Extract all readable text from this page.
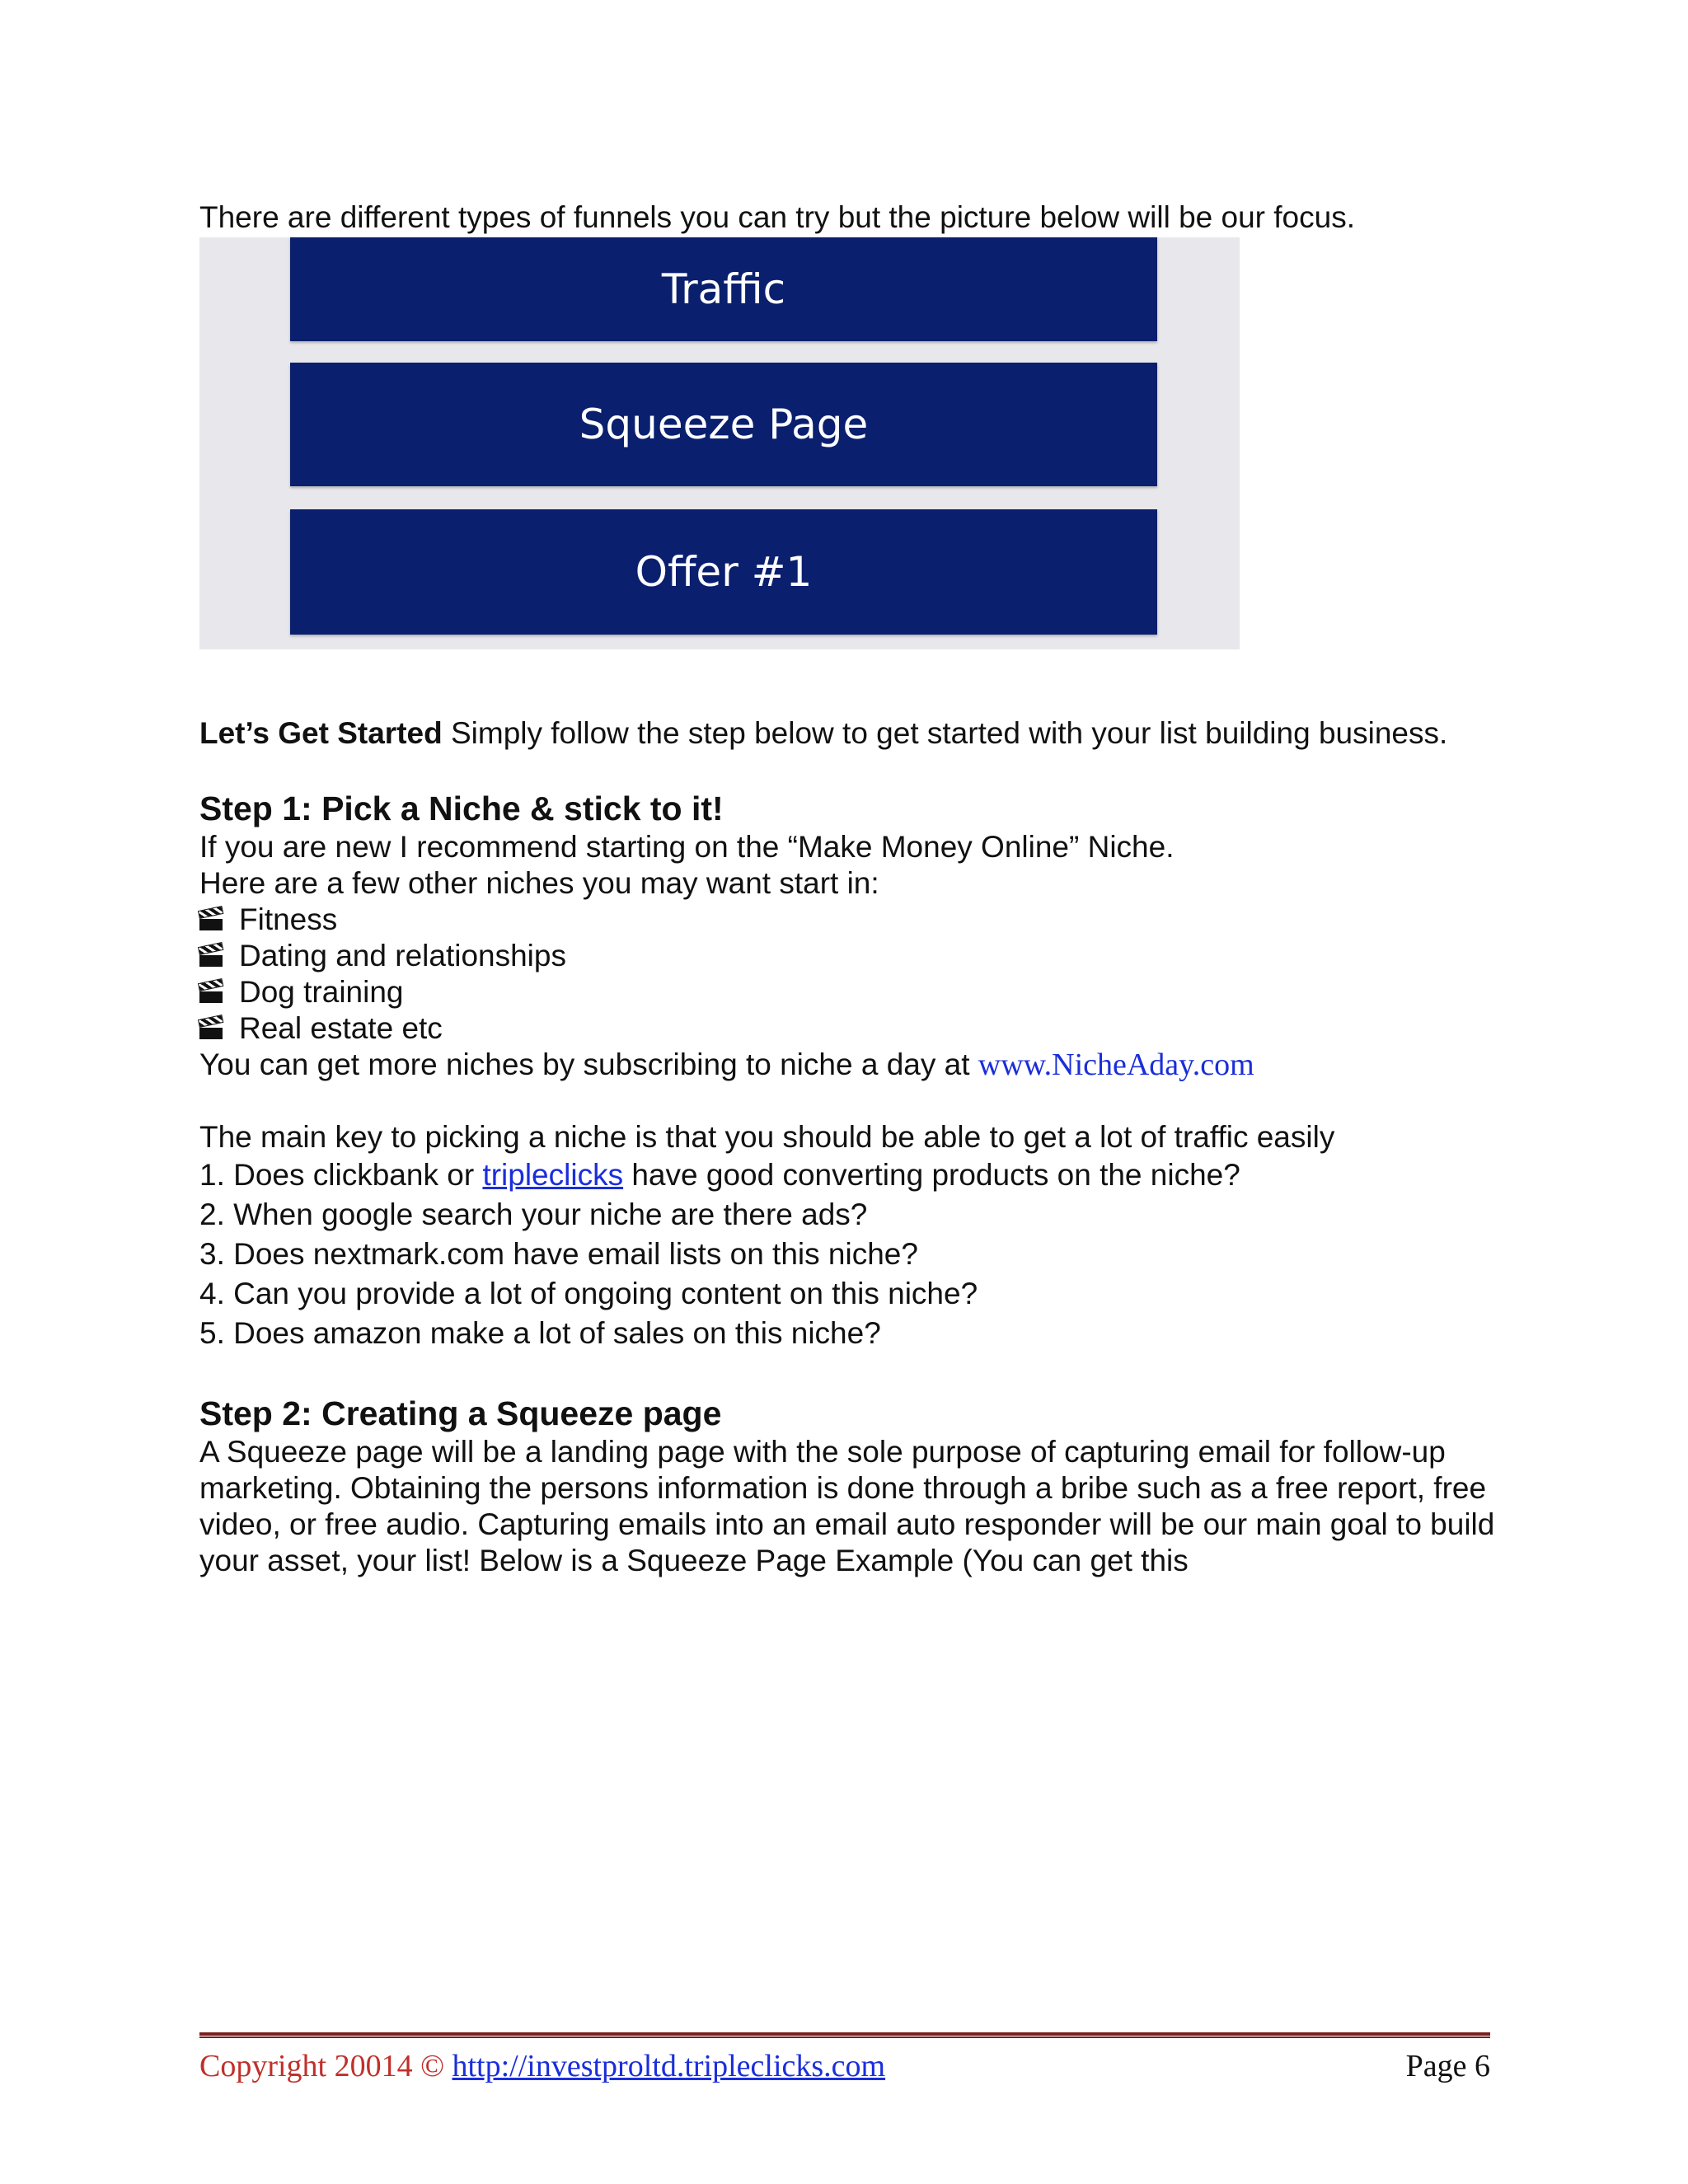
There are different types of funnels you can try but the picture below will be our focus.

Traffic
Squeeze Page
Offer #1

Let’s Get Started Simply follow the step below to get started with your list building business.

Step 1: Pick a Niche & stick to it!

If you are new I recommend starting on the “Make Money Online” Niche.

Here are a few other niches you may want start in:

Fitness
Dating and relationships
Dog training
Real estate etc

You can get more niches by subscribing to niche a day at www.NicheAday.com

The main key to picking a niche is that you should be able to get a lot of traffic easily

1. Does clickbank or tripleclicks have good converting products on the niche?

2. When google search your niche are there ads?

3. Does nextmark.com have email lists on this niche?

4. Can you provide a lot of ongoing content on this niche?

5. Does amazon make a lot of sales on this niche?

Step 2: Creating a Squeeze page

A Squeeze page will be a landing page with the sole purpose of capturing email for follow-up marketing. Obtaining the persons information is done through a bribe such as a free report, free video, or free audio. Capturing emails into an email auto responder will be our main goal to build your asset, your list! Below is a Squeeze Page Example (You can get this

Copyright 20014 © http://investproltd.tripleclicks.com	Page 6
